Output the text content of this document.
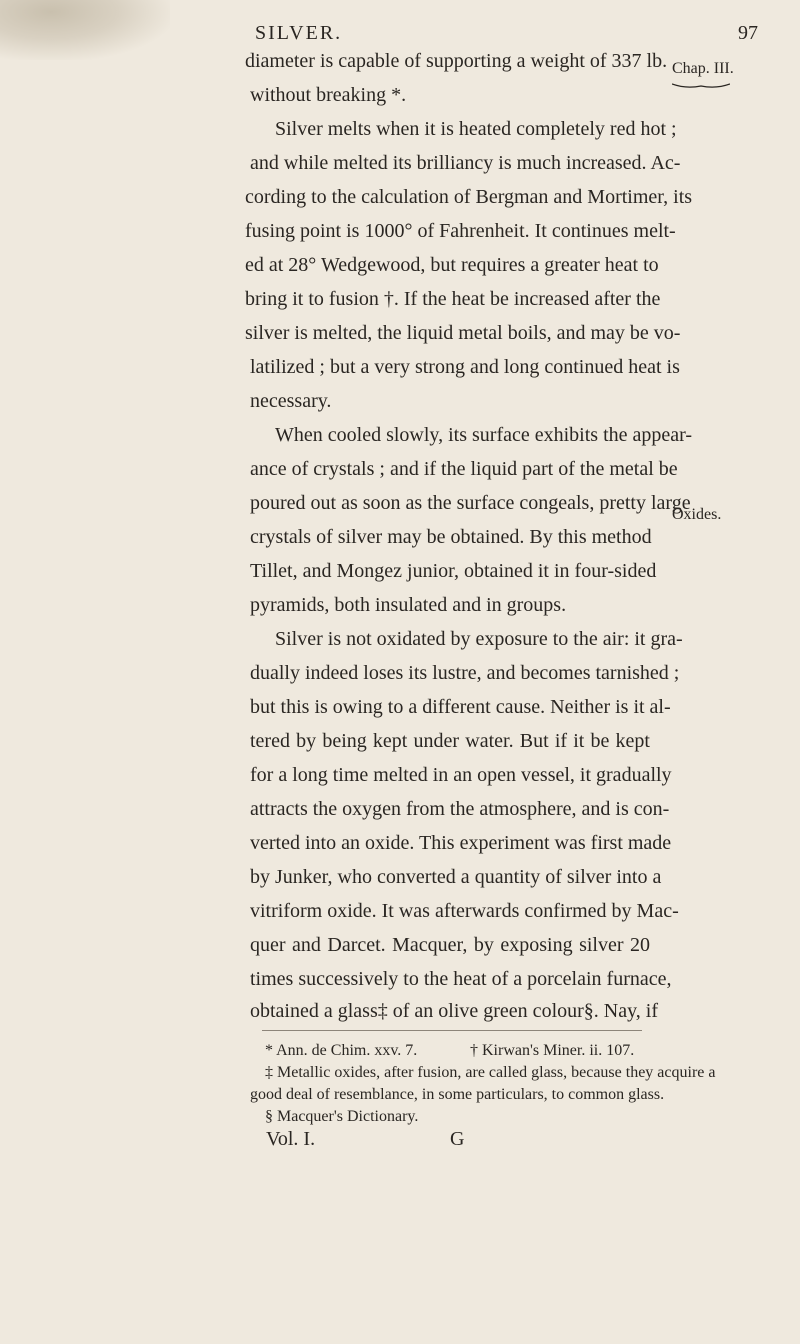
SILVER.	97
Chap. III.
Oxides.
diameter is capable of supporting a weight of 337 lb.
without breaking *.
Silver melts when it is heated completely red hot ;
and while melted its brilliancy is much increased. Ac-
cording to the calculation of Bergman and Mortimer, its
fusing point is 1000° of Fahrenheit. It continues melt-
ed at 28° Wedgewood, but requires a greater heat to
bring it to fusion †. If the heat be increased after the
silver is melted, the liquid metal boils, and may be vo-
latilized ; but a very strong and long continued heat is
necessary.
When cooled slowly, its surface exhibits the appear-
ance of crystals ; and if the liquid part of the metal be
poured out as soon as the surface congeals, pretty large
crystals of silver may be obtained. By this method
Tillet, and Mongez junior, obtained it in four-sided
pyramids, both insulated and in groups.
Silver is not oxidated by exposure to the air: it gra-
dually indeed loses its lustre, and becomes tarnished ;
but this is owing to a different cause. Neither is it al-
tered by being kept under water. But if it be kept
for a long time melted in an open vessel, it gradually
attracts the oxygen from the atmosphere, and is con-
verted into an oxide. This experiment was first made
by Junker, who converted a quantity of silver into a
vitriform oxide. It was afterwards confirmed by Mac-
quer and Darcet. Macquer, by exposing silver 20
times successively to the heat of a porcelain furnace,
obtained a glass‡ of an olive green colour§. Nay, if
* Ann. de Chim. xxv. 7.	† Kirwan's Miner. ii. 107.
‡ Metallic oxides, after fusion, are called glass, because they acquire a
good deal of resemblance, in some particulars, to common glass.
§ Macquer's Dictionary.
Vol. I.	G
